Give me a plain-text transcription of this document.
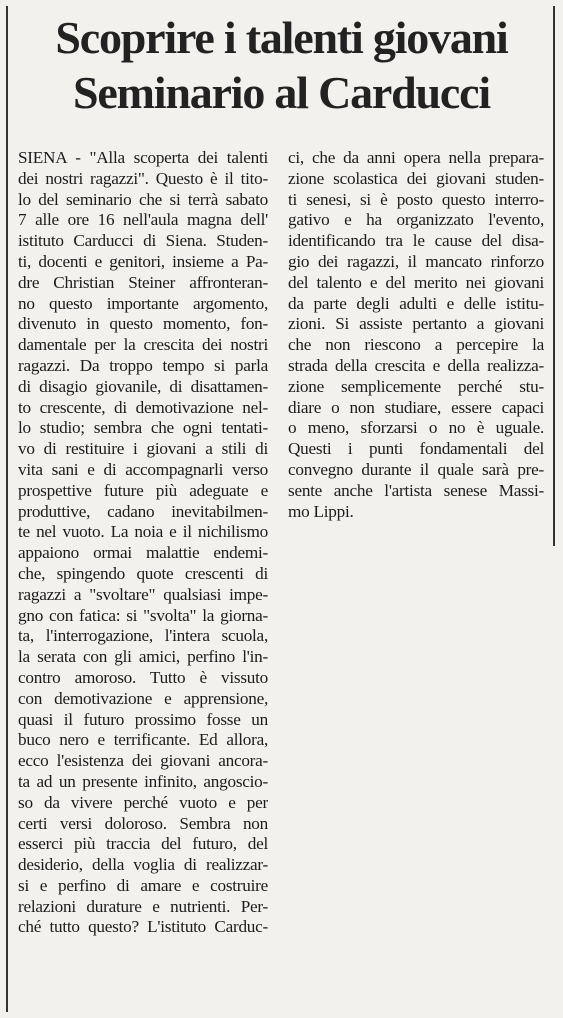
Scoprire i talenti giovani
Seminario al Carducci
SIENA - "Alla scoperta dei talenti
dei nostri ragazzi". Questo è il tito-
lo del seminario che si terrà sabato
7 alle ore 16 nell'aula magna dell'
istituto Carducci di Siena. Studen-
ti, docenti e genitori, insieme a Pa-
dre Christian Steiner affronteran-
no questo importante argomento,
divenuto in questo momento, fon-
damentale per la crescita dei nostri
ragazzi. Da troppo tempo si parla
di disagio giovanile, di disattamen-
to crescente, di demotivazione nel-
lo studio; sembra che ogni tentati-
vo di restituire i giovani a stili di
vita sani e di accompagnarli verso
prospettive future più adeguate e
produttive, cadano inevitabilmen-
te nel vuoto. La noia e il nichilismo
appaiono ormai malattie endemi-
che, spingendo quote crescenti di
ragazzi a "svoltare" qualsiasi impe-
gno con fatica: si "svolta" la giorna-
ta, l'interrogazione, l'intera scuola,
la serata con gli amici, perfino l'in-
contro amoroso. Tutto è vissuto
con demotivazione e apprensione,
quasi il futuro prossimo fosse un
buco nero e terrificante. Ed allora,
ecco l'esistenza dei giovani ancora-
ta ad un presente infinito, angoscio-
so da vivere perché vuoto e per
certi versi doloroso. Sembra non
esserci più traccia del futuro, del
desiderio, della voglia di realizzar-
si e perfino di amare e costruire
relazioni durature e nutrienti. Per-
ché tutto questo? L'istituto Carduc-
ci, che da anni opera nella prepara-
zione scolastica dei giovani studen-
ti senesi, si è posto questo interro-
gativo e ha organizzato l'evento,
identificando tra le cause del disa-
gio dei ragazzi, il mancato rinforzo
del talento e del merito nei giovani
da parte degli adulti e delle istitu-
zioni. Si assiste pertanto a giovani
che non riescono a percepire la
strada della crescita e della realizza-
zione semplicemente perché stu-
diare o non studiare, essere capaci
o meno, sforzarsi o no è uguale.
Questi i punti fondamentali del
convegno durante il quale sarà pre-
sente anche l'artista senese Massi-
mo Lippi.
